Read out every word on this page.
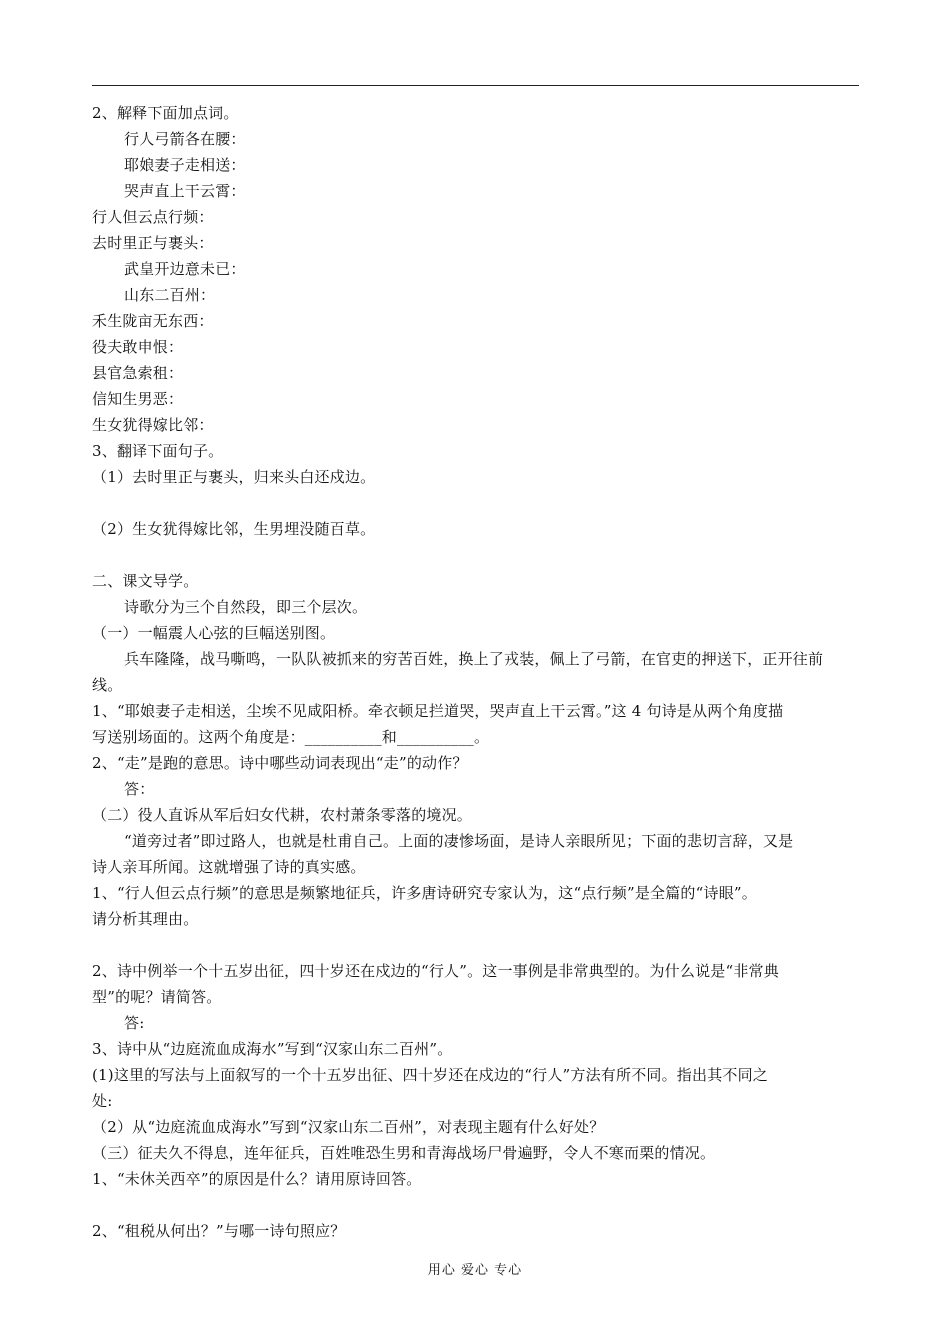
2、解释下面加点词。
行人弓箭各在腰：
耶娘妻子走相送：
哭声直上干云霄：
行人但云点行频：
去时里正与裹头：
武皇开边意未已：
山东二百州：
禾生陇亩无东西：
役夫敢申恨：
县官急索租：
信知生男恶：
生女犹得嫁比邻：
3、翻译下面句子。
（1）去时里正与裹头，归来头白还戍边。
（2）生女犹得嫁比邻，生男埋没随百草。
二、课文导学。
诗歌分为三个自然段，即三个层次。
（一）一幅震人心弦的巨幅送别图。
兵车隆隆，战马嘶鸣，一队队被抓来的穷苦百姓，换上了戎装，佩上了弓箭，在官吏的押送下，正开往前
线。
1、“耶娘妻子走相送，尘埃不见咸阳桥。牵衣顿足拦道哭，哭声直上干云霄。”这 4 句诗是从两个角度描
写送别场面的。这两个角度是：__________和__________。
2、“走”是跑的意思。诗中哪些动词表现出“走”的动作？
答：
（二）役人直诉从军后妇女代耕，农村萧条零落的境况。
“道旁过者”即过路人，也就是杜甫自己。上面的凄惨场面，是诗人亲眼所见；下面的悲切言辞，又是
诗人亲耳所闻。这就增强了诗的真实感。
1、“行人但云点行频”的意思是频繁地征兵，许多唐诗研究专家认为，这“点行频”是全篇的“诗眼”。
请分析其理由。
2、诗中例举一个十五岁出征，四十岁还在戍边的“行人”。这一事例是非常典型的。为什么说是“非常典
型”的呢？请简答。
答:
3、诗中从“边庭流血成海水”写到“汉家山东二百州”。
(1)这里的写法与上面叙写的一个十五岁出征、四十岁还在戍边的“行人”方法有所不同。指出其不同之
处:
（2）从“边庭流血成海水”写到“汉家山东二百州”，对表现主题有什么好处？
（三）征夫久不得息，连年征兵，百姓唯恐生男和青海战场尸骨遍野，令人不寒而栗的情况。
1、“未休关西卒”的原因是什么？请用原诗回答。
2、“租税从何出？”与哪一诗句照应？
用心 爱心 专心
